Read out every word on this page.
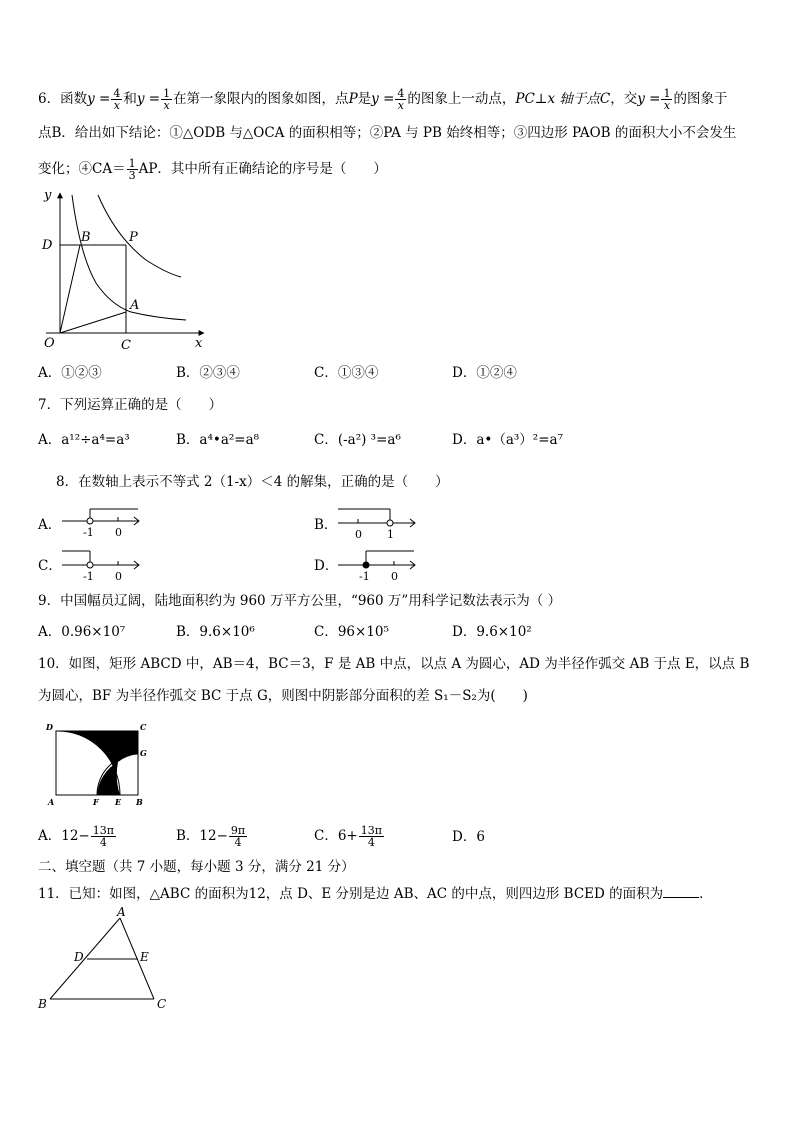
6．函数$y = \frac{4}{x}$ 和$y = \frac{1}{x}$ 在第一象限内的图象如图，点P是$y = \frac{4}{x}$ 的图象上一动点，PC⊥x 轴于点C，交$y = \frac{1}{x}$ 的图象于
点B．给出如下结论：①△ODB 与△OCA 的面积相等；②PA 与 PB 始终相等；③四边形 PAOB 的面积大小不会发生
变化；④CA＝ $\frac{1}{3}$ AP．其中所有正确结论的序号是（　　）
y
x
O	C
D
B	P
A
A．①②③	B．②③④	C．①③④	D．①②④
7．下列运算正确的是（　　）
A．a¹²÷a⁴=a³	B．a⁴•a²=a⁸	C．(-a²) ³=a⁶	D．a•（a³）²=a⁷
8．在数轴上表示不等式 2（1-x）＜4 的解集，正确的是（　　）
A． -1 0	B．
0 1
C．
-1 0
D．
-1 0
9．中国幅员辽阔，陆地面积约为 960 万平方公里，“960 万”用科学记数法表示为（ ）
A．0.96×10⁷	B．9.6×10⁶	C．96×10⁵	D．9.6×10²
10．如图，矩形 ABCD 中，AB＝4，BC＝3，F 是 AB 中点，以点 A 为圆心，AD 为半径作弧交 AB 于点 E，以点 B
为圆心，BF 为半径作弧交 BC 于点 G，则图中阴影部分面积的差 S₁－S₂为(　　)
D	C
G
A	F E B
A．$12- \frac{13\pi}{4}$	B．$12- \frac{9\pi}{4}$	C．$6+ \frac{13\pi}{4}$	D．6
二、填空题（共 7 小题，每小题 3 分，满分 21 分）
11．已知：如图，△ABC 的面积为12，点 D、E 分别是边 AB、AC 的中点，则四边形 BCED 的面积为	．
A
D	E
B	C
